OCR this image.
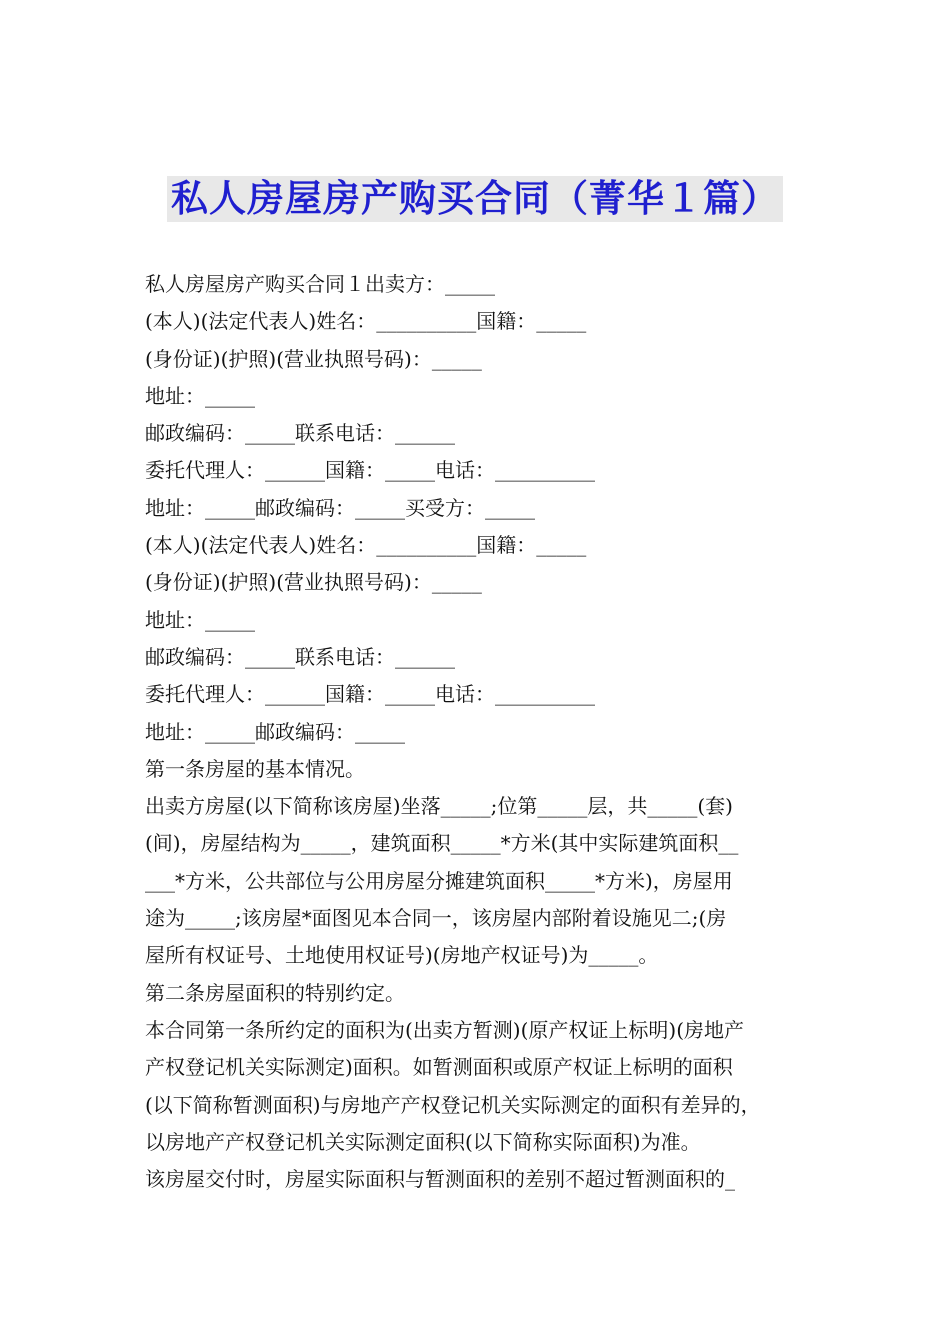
私人房屋房产购买合同（菁华１篇）
私人房屋房产购买合同１出卖方：_____
(本人)(法定代表人)姓名：__________国籍：_____
(身份证)(护照)(营业执照号码)：_____
地址：_____
邮政编码：_____联系电话：______
委托代理人：______国籍：_____电话：__________
地址：_____邮政编码：_____买受方：_____
(本人)(法定代表人)姓名：__________国籍：_____
(身份证)(护照)(营业执照号码)：_____
地址：_____
邮政编码：_____联系电话：______
委托代理人：______国籍：_____电话：__________
地址：_____邮政编码：_____
第一条房屋的基本情况。
出卖方房屋(以下简称该房屋)坐落_____;位第_____层，共_____(套)
(间)，房屋结构为_____，建筑面积_____*方米(其中实际建筑面积__
___*方米，公共部位与公用房屋分摊建筑面积_____*方米)，房屋用
途为_____;该房屋*面图见本合同一，该房屋内部附着设施见二;(房
屋所有权证号、土地使用权证号)(房地产权证号)为_____。
第二条房屋面积的特别约定。
本合同第一条所约定的面积为(出卖方暂测)(原产权证上标明)(房地产
产权登记机关实际测定)面积。如暂测面积或原产权证上标明的面积
(以下简称暂测面积)与房地产产权登记机关实际测定的面积有差异的，
以房地产产权登记机关实际测定面积(以下简称实际面积)为准。
该房屋交付时，房屋实际面积与暂测面积的差别不超过暂测面积的_
